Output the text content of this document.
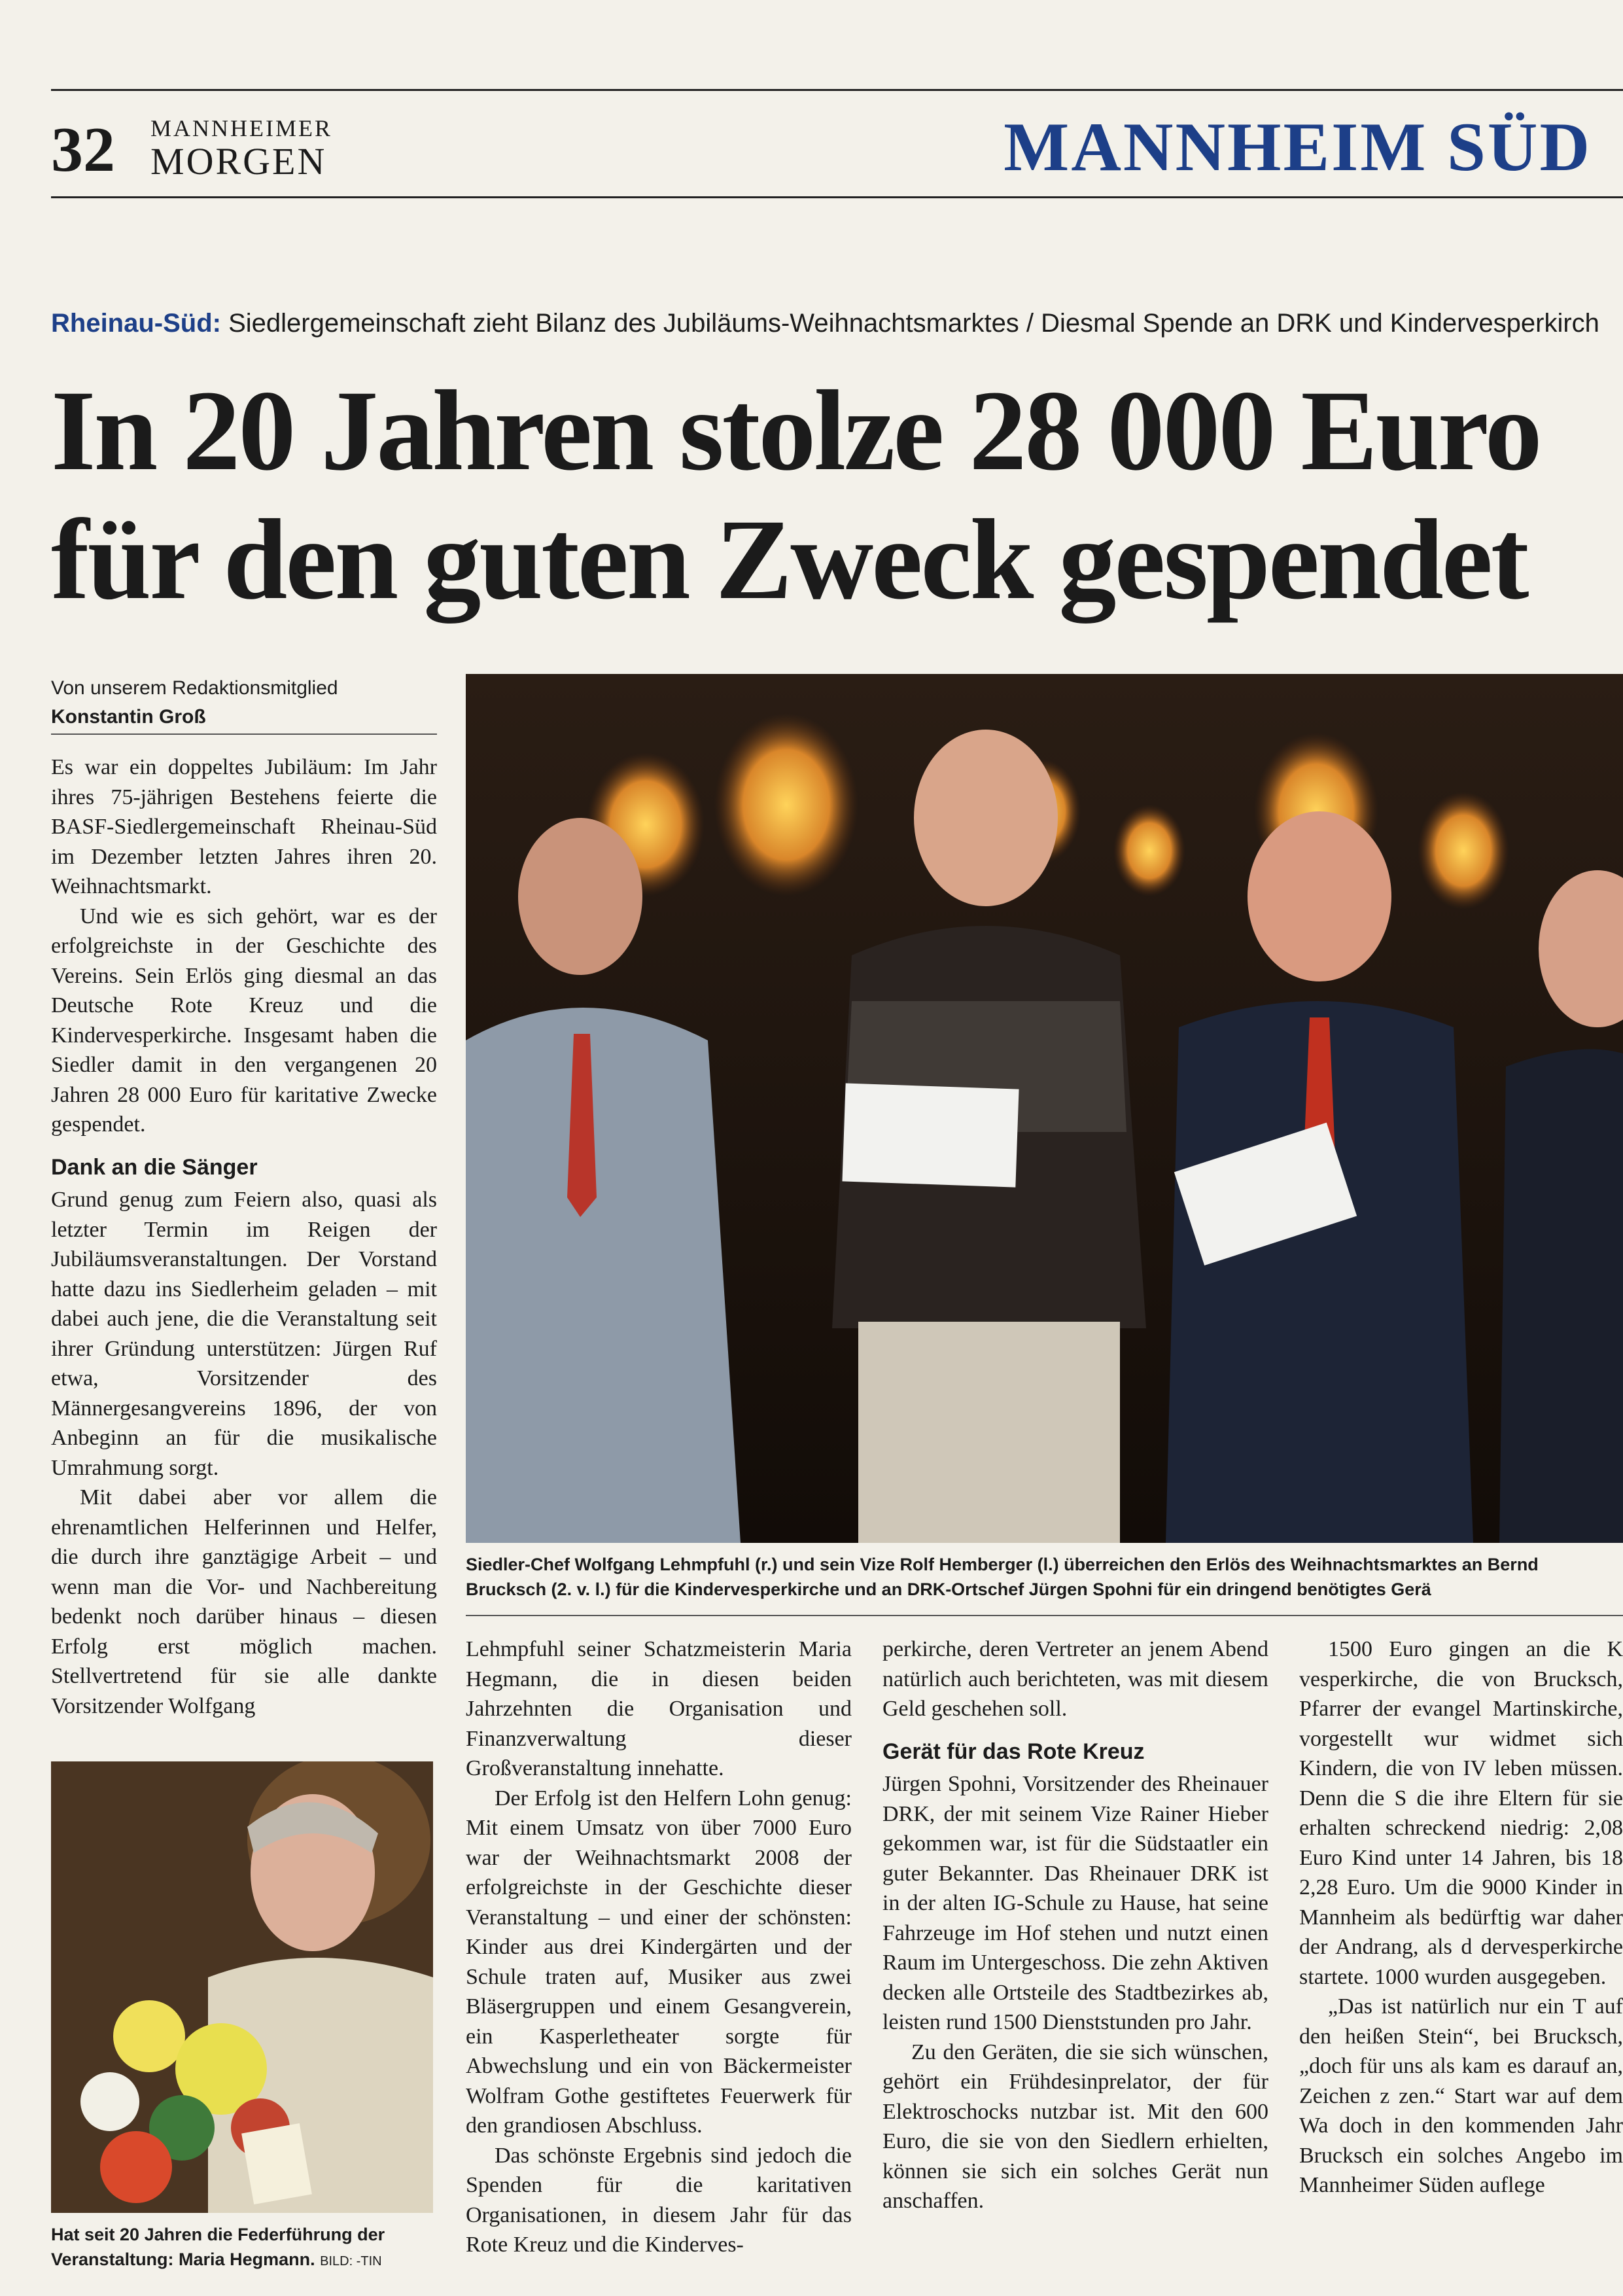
32 MANNHEIMER
MORGEN	MANNHEIM SÜD
Rheinau-Süd: Siedlergemeinschaft zieht Bilanz des Jubiläums-Weihnachtsmarktes / Diesmal Spende an DRK und Kindervesperkirch
In 20 Jahren stolze 28 000 Euro
für den guten Zweck gespendet
Von unserem Redaktionsmitglied
Konstantin Groß

Es war ein doppeltes Jubiläum: Im Jahr ihres 75-jährigen Bestehens feierte die BASF-Siedlergemeinschaft Rheinau-Süd im Dezember letzten Jahres ihren 20. Weihnachtsmarkt.

Und wie es sich gehört, war es der erfolgreichste in der Geschichte des Vereins. Sein Erlös ging diesmal an das Deutsche Rote Kreuz und die Kindervesperkirche. Insgesamt haben die Siedler damit in den vergangenen 20 Jahren 28 000 Euro für karitative Zwecke gespendet.

Dank an die Sänger

Grund genug zum Feiern also, quasi als letzter Termin im Reigen der Jubiläumsveranstaltungen. Der Vorstand hatte dazu ins Siedlerheim geladen – mit dabei auch jene, die die Veranstaltung seit ihrer Gründung unterstützen: Jürgen Ruf etwa, Vorsitzender des Männergesangvereins 1896, der von Anbeginn an für die musikalische Umrahmung sorgt.

Mit dabei aber vor allem die ehrenamtlichen Helferinnen und Helfer, die durch ihre ganztägige Arbeit – und wenn man die Vor- und Nachbereitung bedenkt noch darüber hinaus – diesen Erfolg erst möglich machen. Stellvertretend für sie alle dankte Vorsitzender Wolfgang

Siedler-Chef Wolfgang Lehmpfuhl (r.) und sein Vize Rolf Hemberger (l.) überreichen den Erlös des Weihnachtsmarktes an Bernd Brucksch (2. v. l.) für die Kindervesperkirche und an DRK-Ortschef Jürgen Spohni für ein dringend benötigtes Gerä
Hat seit 20 Jahren die Federführung der Veranstaltung: Maria Hegmann. BILD: -TIN

Lehmpfuhl seiner Schatzmeisterin Maria Hegmann, die in diesen beiden Jahrzehnten die Organisation und Finanzverwaltung dieser Großveranstaltung innehatte.

Der Erfolg ist den Helfern Lohn genug: Mit einem Umsatz von über 7000 Euro war der Weihnachtsmarkt 2008 der erfolgreichste in der Geschichte dieser Veranstaltung – und einer der schönsten: Kinder aus drei Kindergärten und der Schule traten auf, Musiker aus zwei Bläsergruppen und einem Gesangverein, ein Kasperletheater sorgte für Abwechslung und ein von Bäckermeister Wolfram Gothe gestiftetes Feuerwerk für den grandiosen Abschluss.

Das schönste Ergebnis sind jedoch die Spenden für die karitativen Organisationen, in diesem Jahr für das Rote Kreuz und die Kinderves-

perkirche, deren Vertreter an jenem Abend natürlich auch berichteten, was mit diesem Geld geschehen soll.

Gerät für das Rote Kreuz

Jürgen Spohni, Vorsitzender des Rheinauer DRK, der mit seinem Vize Rainer Hieber gekommen war, ist für die Südstaatler ein guter Bekannter. Das Rheinauer DRK ist in der alten IG-Schule zu Hause, hat seine Fahrzeuge im Hof stehen und nutzt einen Raum im Untergeschoss. Die zehn Aktiven decken alle Ortsteile des Stadtbezirkes ab, leisten rund 1500 Dienststunden pro Jahr.

Zu den Geräten, die sie sich wünschen, gehört ein Frühdesinprelator, der für Elektroschocks nutzbar ist. Mit den 600 Euro, die sie von den Siedlern erhielten, können sie sich ein solches Gerät nun anschaffen.

1500 Euro gingen an die K vesperkirche, die von Brucksch, Pfarrer der evangel Martinskirche, vorgestellt wur widmet sich Kindern, die von IV leben müssen. Denn die S die ihre Eltern für sie erhalten schreckend niedrig: 2,08 Euro Kind unter 14 Jahren, bis 18 2,28 Euro. Um die 9000 Kinder in Mannheim als bedürftig war daher der Andrang, als d dervesperkirche startete. 1000 wurden ausgegeben.

„Das ist natürlich nur ein T auf den heißen Stein“, bei Brucksch, „doch für uns als kam es darauf an, Zeichen z zen.“ Start war auf dem Wa doch in den kommenden Jahr Brucksch ein solches Angebo im Mannheimer Süden auflege
